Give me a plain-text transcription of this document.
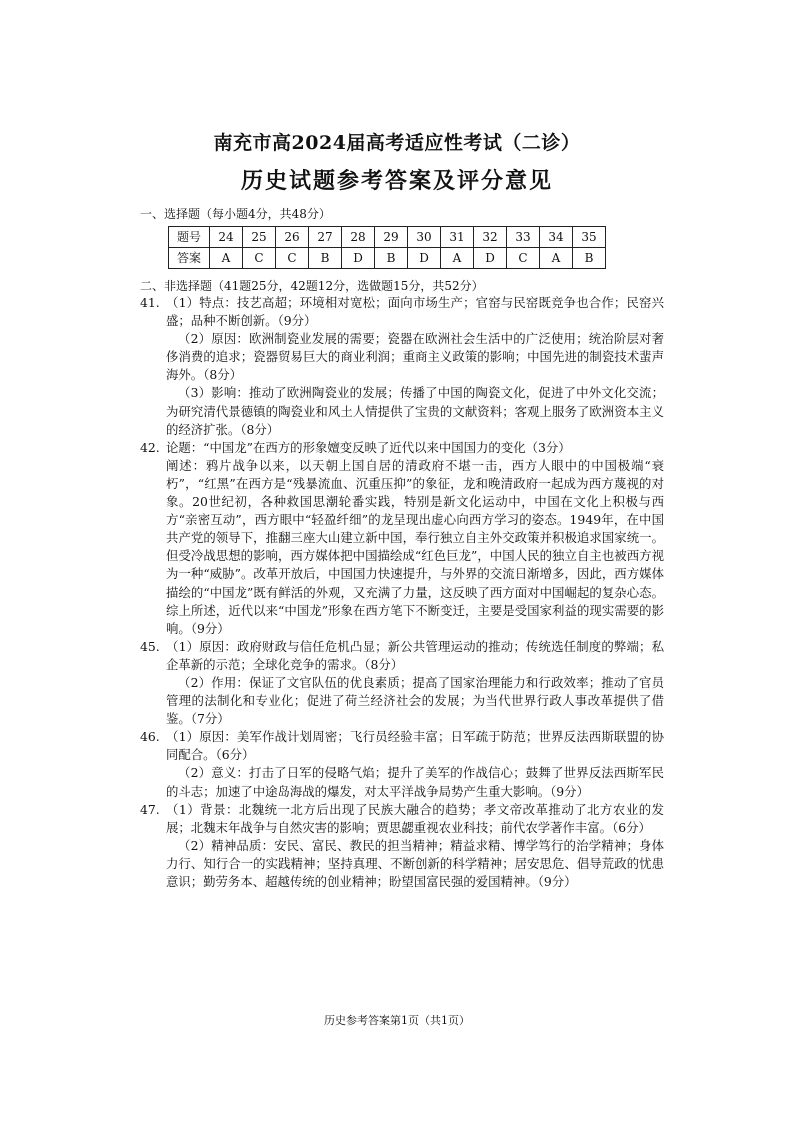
南充市高2024届高考适应性考试（二诊）
历史试题参考答案及评分意见
一、选择题（每小题4分，共48分）
题号	24	25	26	27	28	29	30	31	32	33	34	35
答案	A	C	C	B	D	B	D	A	D	C	A	B
二、非选择题（41题25分，42题12分，选做题15分，共52分）
41. （1）特点：技艺高超；环境相对宽松；面向市场生产；官窑与民窑既竞争也合作；民窑兴盛；品种不断创新。（9分）

（2）原因：欧洲制瓷业发展的需要；瓷器在欧洲社会生活中的广泛使用；统治阶层对奢侈消费的追求；瓷器贸易巨大的商业利润；重商主义政策的影响；中国先进的制瓷技术蜚声海外。（8分）

（3）影响：推动了欧洲陶瓷业的发展；传播了中国的陶瓷文化，促进了中外文化交流；为研究清代景德镇的陶瓷业和风土人情提供了宝贵的文献资料；客观上服务了欧洲资本主义的经济扩张。（8分）

42. 论题：“中国龙”在西方的形象嬗变反映了近代以来中国国力的变化（3分）

阐述：鸦片战争以来，以天朝上国自居的清政府不堪一击，西方人眼中的中国极端“衰朽”，“红黑”在西方是“残暴流血、沉重压抑”的象征，龙和晚清政府一起成为西方蔑视的对象。20世纪初，各种救国思潮轮番实践，特别是新文化运动中，中国在文化上积极与西方“亲密互动”，西方眼中“轻盈纤细”的龙呈现出虚心向西方学习的姿态。1949年，在中国共产党的领导下，推翻三座大山建立新中国，奉行独立自主外交政策并积极追求国家统一。但受冷战思想的影响，西方媒体把中国描绘成“红色巨龙”，中国人民的独立自主也被西方视为一种“威胁”。改革开放后，中国国力快速提升，与外界的交流日渐增多，因此，西方媒体描绘的“中国龙”既有鲜活的外观，又充满了力量，这反映了西方面对中国崛起的复杂心态。综上所述，近代以来“中国龙”形象在西方笔下不断变迁，主要是受国家利益的现实需要的影响。（9分）

45. （1）原因：政府财政与信任危机凸显；新公共管理运动的推动；传统选任制度的弊端；私企革新的示范；全球化竞争的需求。（8分）

（2）作用：保证了文官队伍的优良素质；提高了国家治理能力和行政效率；推动了官员管理的法制化和专业化；促进了荷兰经济社会的发展；为当代世界行政人事改革提供了借鉴。（7分）

46. （1）原因：美军作战计划周密；飞行员经验丰富；日军疏于防范；世界反法西斯联盟的协同配合。（6分）

（2）意义：打击了日军的侵略气焰；提升了美军的作战信心；鼓舞了世界反法西斯军民的斗志；加速了中途岛海战的爆发，对太平洋战争局势产生重大影响。（9分）

47. （1）背景：北魏统一北方后出现了民族大融合的趋势；孝文帝改革推动了北方农业的发展；北魏末年战争与自然灾害的影响；贾思勰重视农业科技；前代农学著作丰富。（6分）

（2）精神品质：安民、富民、教民的担当精神；精益求精、博学笃行的治学精神；身体力行、知行合一的实践精神；坚持真理、不断创新的科学精神；居安思危、倡导荒政的忧患意识；勤劳务本、超越传统的创业精神；盼望国富民强的爱国精神。（9分）

历史参考答案第1页（共1页）
